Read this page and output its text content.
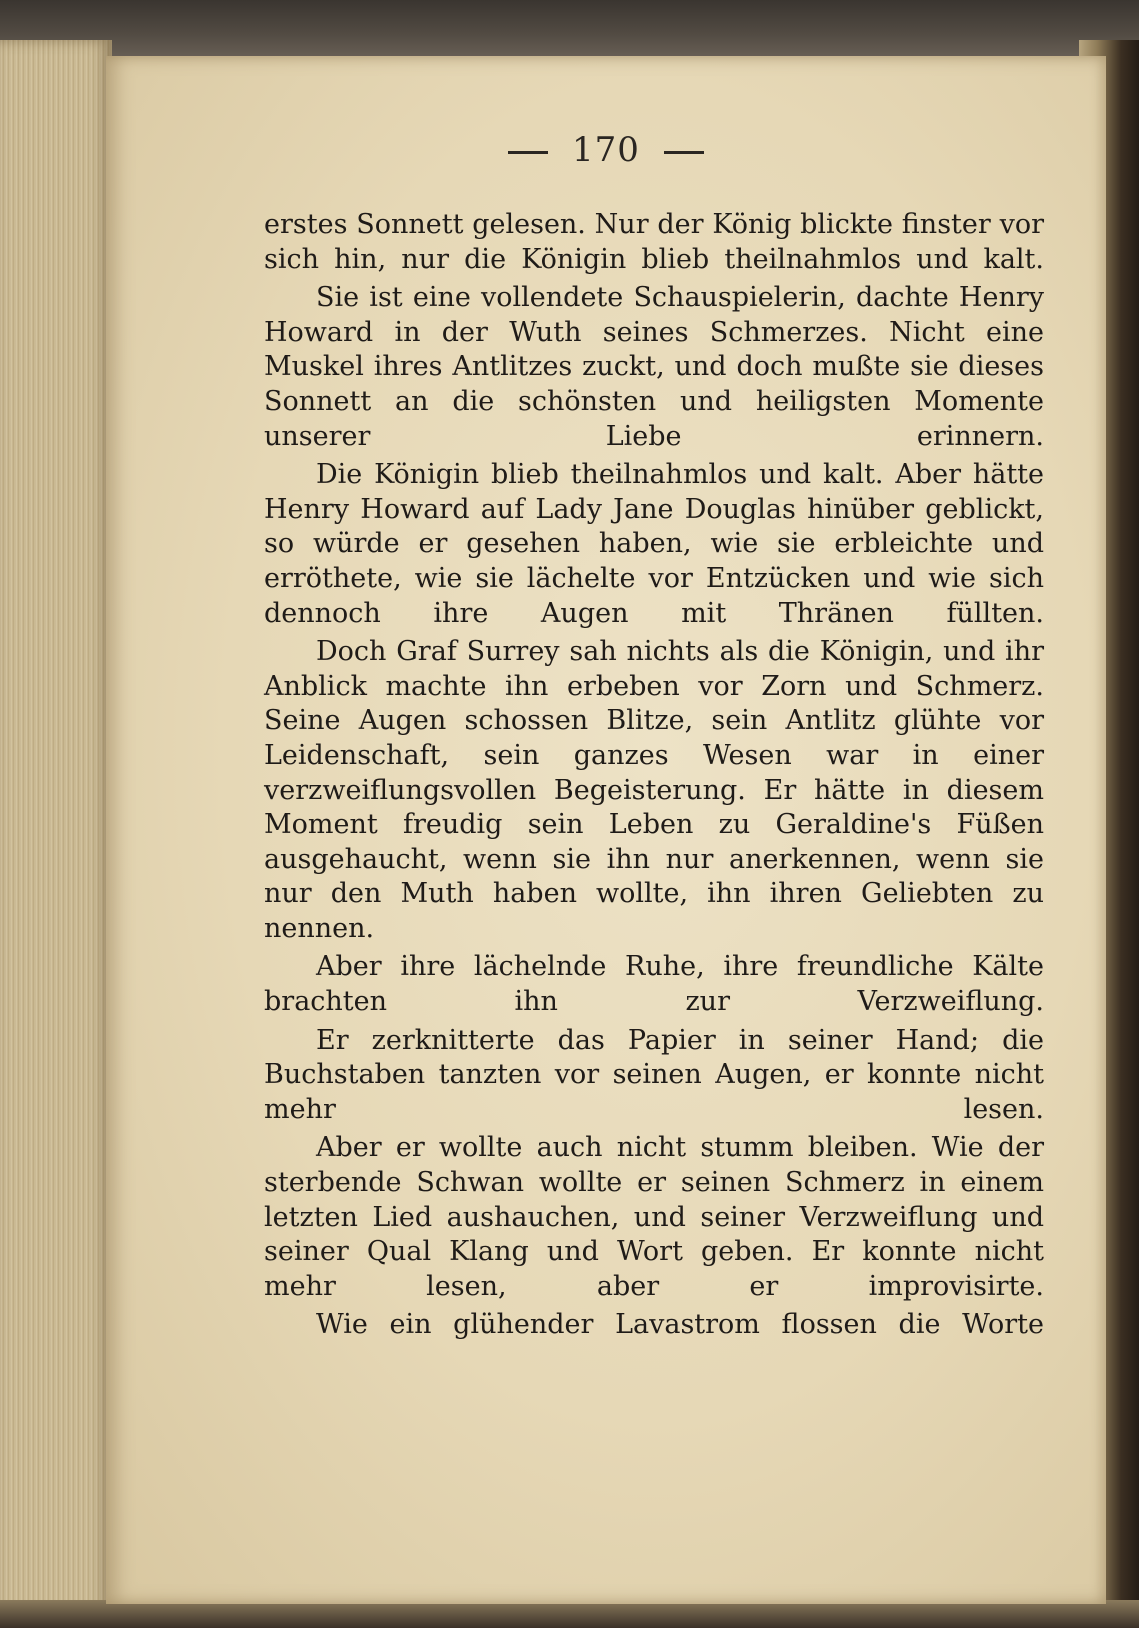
170

erstes Sonnett gelesen. Nur der König blickte finster vor sich hin, nur die Königin blieb theilnahmlos und kalt.

Sie ist eine vollendete Schauspielerin, dachte Henry Howard in der Wuth seines Schmerzes. Nicht eine Muskel ihres Antlitzes zuckt, und doch mußte sie dieses Sonnett an die schönsten und heiligsten Momente unserer Liebe erinnern.

Die Königin blieb theilnahmlos und kalt. Aber hätte Henry Howard auf Lady Jane Douglas hinüber geblickt, so würde er gesehen haben, wie sie erbleichte und erröthete, wie sie lächelte vor Entzücken und wie sich dennoch ihre Augen mit Thränen füllten.

Doch Graf Surrey sah nichts als die Königin, und ihr Anblick machte ihn erbeben vor Zorn und Schmerz. Seine Augen schossen Blitze, sein Antlitz glühte vor Leidenschaft, sein ganzes Wesen war in einer verzweiflungsvollen Begeisterung. Er hätte in diesem Moment freudig sein Leben zu Geraldine's Füßen ausgehaucht, wenn sie ihn nur anerkennen, wenn sie nur den Muth haben wollte, ihn ihren Geliebten zu nennen.

Aber ihre lächelnde Ruhe, ihre freundliche Kälte brachten ihn zur Verzweiflung.

Er zerknitterte das Papier in seiner Hand; die Buchstaben tanzten vor seinen Augen, er konnte nicht mehr lesen.

Aber er wollte auch nicht stumm bleiben. Wie der sterbende Schwan wollte er seinen Schmerz in einem letzten Lied aushauchen, und seiner Verzweiflung und seiner Qual Klang und Wort geben. Er konnte nicht mehr lesen, aber er improvisirte.

Wie ein glühender Lavastrom flossen die Worte
